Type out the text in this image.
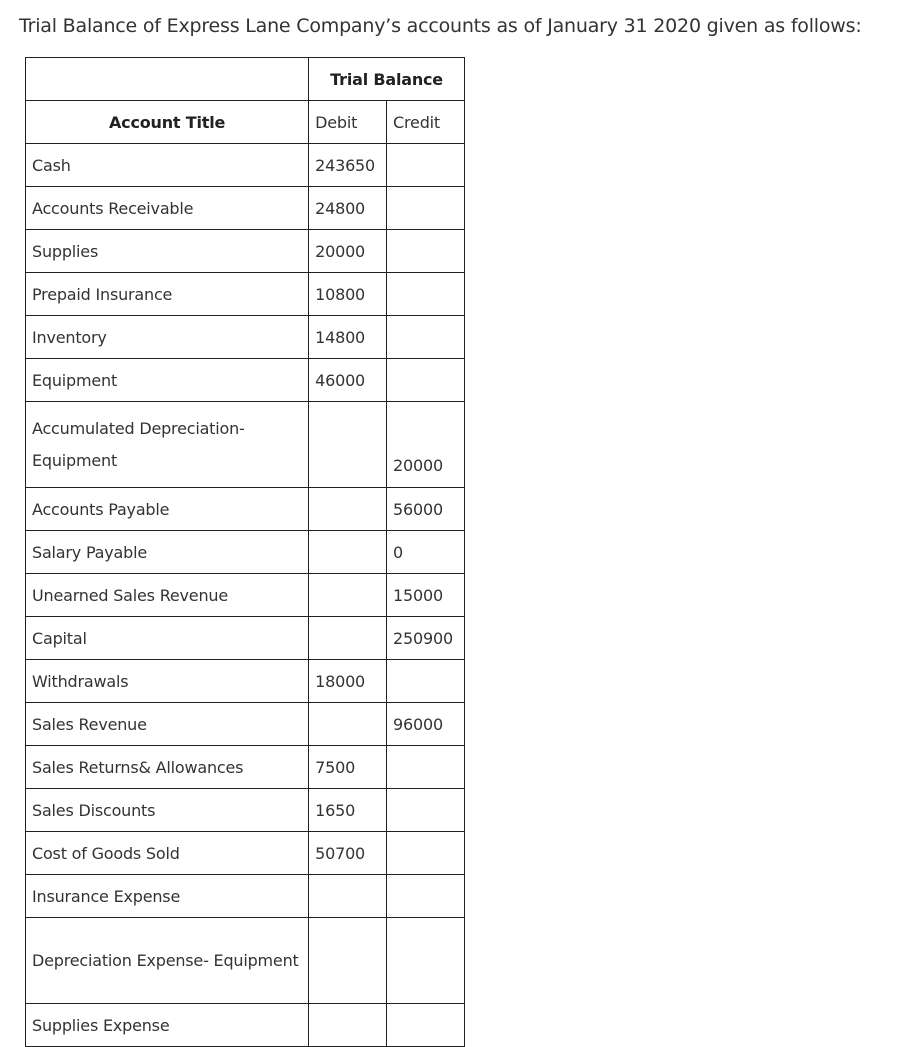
Trial Balance of Express Lane Company’s accounts as of January 31 2020 given as follows:
	Trial Balance	
Account Title	Debit	Credit
Cash	243650	
Accounts Receivable	24800	
Supplies	20000	
Prepaid Insurance	10800	
Inventory	14800	
Equipment	46000	
Accumulated Depreciation- Equipment		20000
Accounts Payable		56000
Salary Payable		0
Unearned Sales Revenue		15000
Capital		250900
Withdrawals	18000	
Sales Revenue		96000
Sales Returns& Allowances	7500	
Sales Discounts	1650	
Cost of Goods Sold	50700	
Insurance Expense		
Depreciation Expense- Equipment		
Supplies Expense		
